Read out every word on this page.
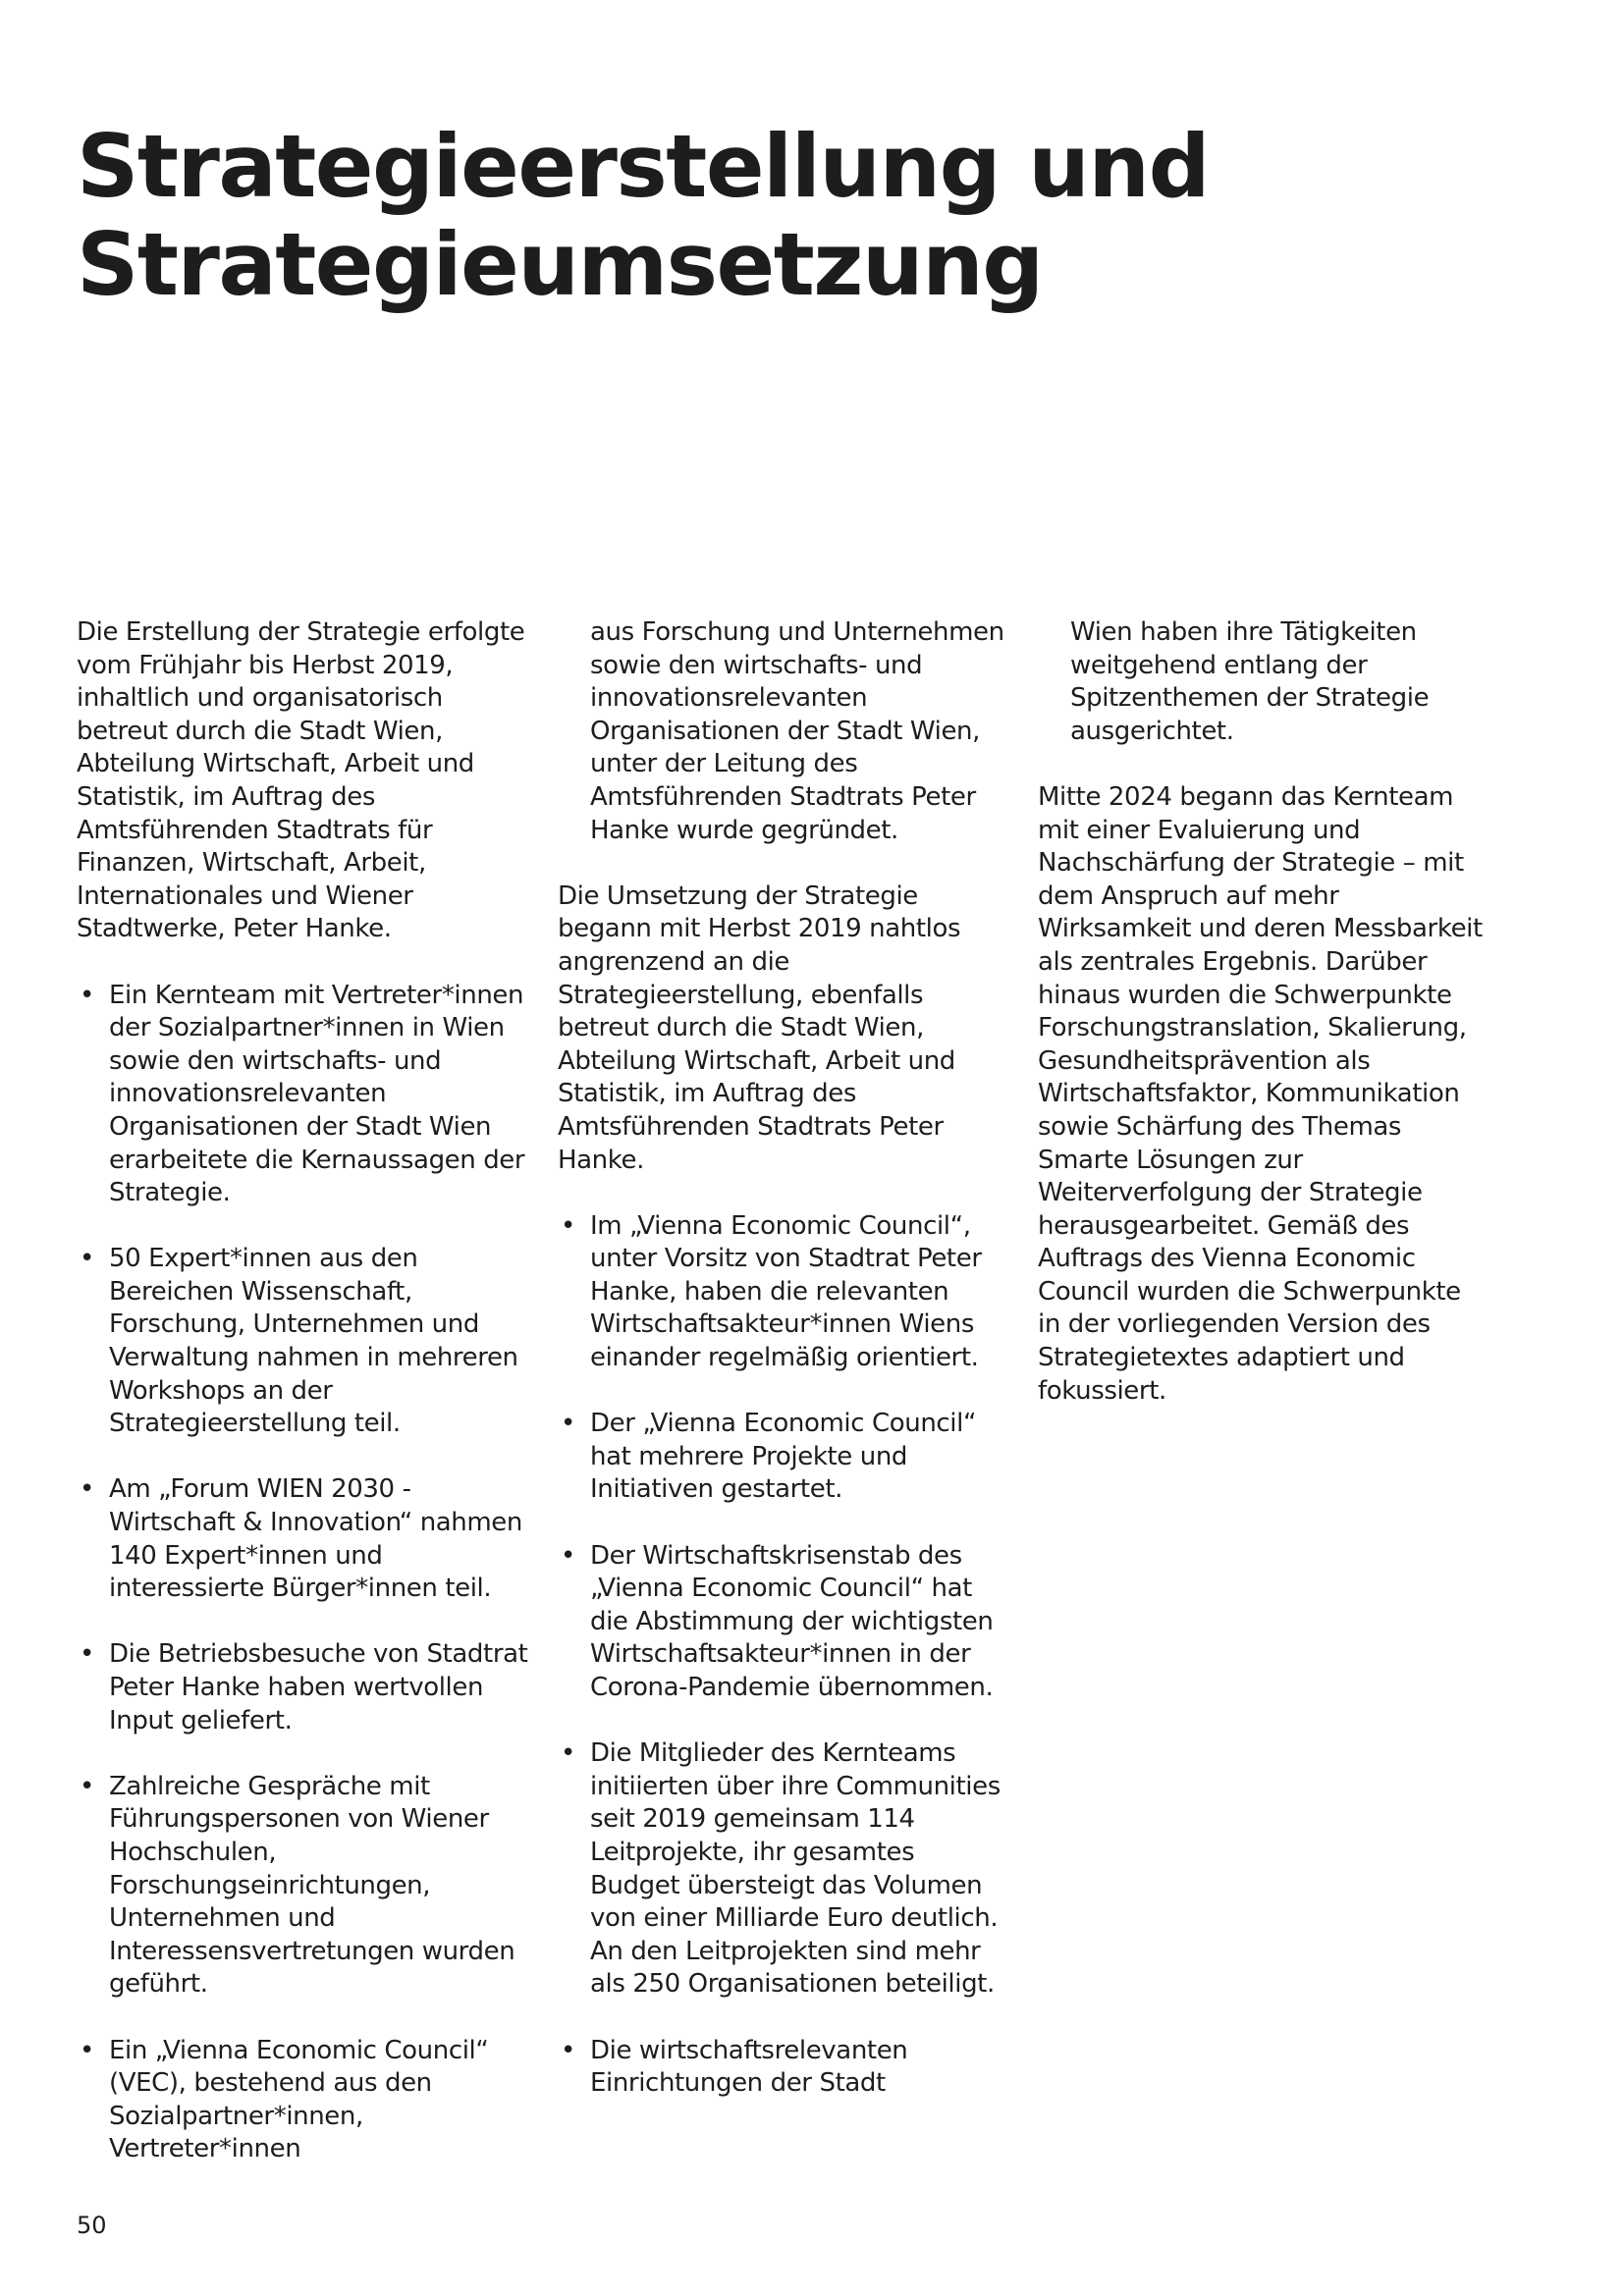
Strategieerstellung und
Strategieumsetzung

Die Erstellung der Strategie erfolgte vom Frühjahr bis Herbst 2019, inhaltlich und organisatorisch betreut durch die Stadt Wien, Abteilung Wirtschaft, Arbeit und Statistik, im Auftrag des Amtsführenden Stadtrats für Finanzen, Wirtschaft, Arbeit, Internationales und Wiener Stadtwerke, Peter Hanke.

• Ein Kernteam mit Vertreter*innen der Sozialpartner*innen in Wien sowie den wirtschafts- und innovationsrelevanten Organisationen der Stadt Wien erarbeitete die Kernaussagen der Strategie.
• 50 Expert*innen aus den Bereichen Wissenschaft, Forschung, Unternehmen und Verwaltung nahmen in mehreren Workshops an der Strategieerstellung teil.
• Am „Forum WIEN 2030 - Wirtschaft & Innovation“ nahmen 140 Expert*innen und interessierte Bürger*innen teil.
• Die Betriebsbesuche von Stadtrat Peter Hanke haben wertvollen Input geliefert.
• Zahlreiche Gespräche mit Führungspersonen von Wiener Hochschulen, Forschungseinrichtungen, Unternehmen und Interessensvertretungen wurden geführt.
• Ein „Vienna Economic Council“ (VEC), bestehend aus den Sozialpartner*innen, Vertreter*innen

aus Forschung und Unternehmen sowie den wirtschafts- und innovationsrelevanten Organisationen der Stadt Wien, unter der Leitung des Amtsführenden Stadtrats Peter Hanke wurde gegründet.

Die Umsetzung der Strategie begann mit Herbst 2019 nahtlos angrenzend an die Strategieerstellung, ebenfalls betreut durch die Stadt Wien, Abteilung Wirtschaft, Arbeit und Statistik, im Auftrag des Amtsführenden Stadtrats Peter Hanke.

• Im „Vienna Economic Council“, unter Vorsitz von Stadtrat Peter Hanke, haben die relevanten Wirtschaftsakteur*innen Wiens einander regelmäßig orientiert.
• Der „Vienna Economic Council“ hat mehrere Projekte und Initiativen gestartet.
• Der Wirtschaftskrisenstab des „Vienna Economic Council“ hat die Abstimmung der wichtigsten Wirtschaftsakteur*innen in der Corona-Pandemie übernommen.
• Die Mitglieder des Kernteams initiierten über ihre Communities seit 2019 gemeinsam 114 Leitprojekte, ihr gesamtes Budget übersteigt das Volumen von einer Milliarde Euro deutlich. An den Leitprojekten sind mehr als 250 Organisationen beteiligt.
• Die wirtschaftsrelevanten Einrichtungen der Stadt

Wien haben ihre Tätigkeiten weitgehend entlang der Spitzenthemen der Strategie ausgerichtet.

Mitte 2024 begann das Kernteam mit einer Evaluierung und Nachschärfung der Strategie – mit dem Anspruch auf mehr Wirksamkeit und deren Messbarkeit als zentrales Ergebnis. Darüber hinaus wurden die Schwerpunkte Forschungstranslation, Skalierung, Gesundheitsprävention als Wirtschaftsfaktor, Kommunikation sowie Schärfung des Themas Smarte Lösungen zur Weiterverfolgung der Strategie herausgearbeitet. Gemäß des Auftrags des Vienna Economic Council wurden die Schwerpunkte in der vorliegenden Version des Strategietextes adaptiert und fokussiert.

50
